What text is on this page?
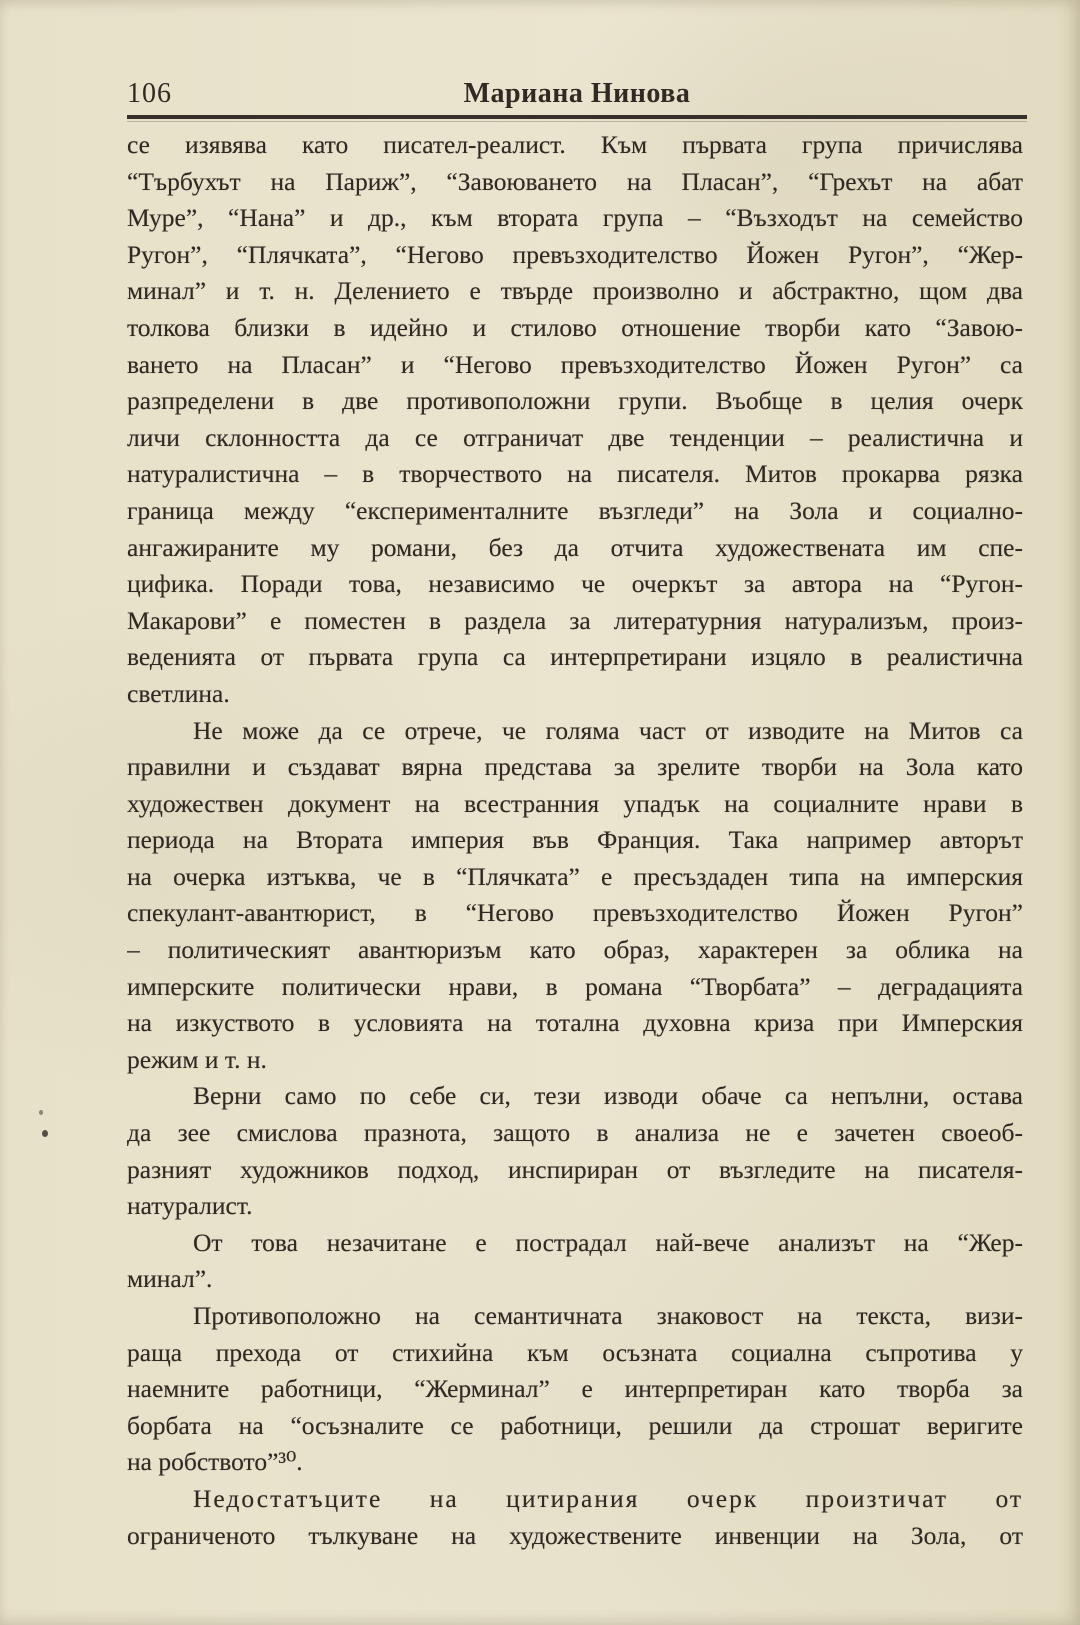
106	Мариана Нинова
се изявява като писател-реалист. Към първата група причислява
“Търбухът на Париж”, “Завоюването на Пласан”, “Грехът на абат
Муре”, “Нана” и др., към втората група – “Възходът на семейство
Ругон”, “Плячката”, “Негово превъзходителство Йожен Ругон”, “Жер-
минал” и т. н. Делението е твърде произволно и абстрактно, щом два
толкова близки в идейно и стилово отношение творби като “Завою-
ването на Пласан” и “Негово превъзходителство Йожен Ругон” са
разпределени в две противоположни групи. Въобще в целия очерк
личи склонността да се отграничат две тенденции – реалистична и
натуралистична – в творчеството на писателя. Митов прокарва рязка
граница между “експерименталните възгледи” на Зола и социално-
ангажираните му романи, без да отчита художествената им спе-
цифика. Поради това, независимо че очеркът за автора на “Ругон-
Макарови” е поместен в раздела за литературния натурализъм, произ-
веденията от първата група са интерпретирани изцяло в реалистична
светлина.
Не може да се отрече, че голяма част от изводите на Митов са
правилни и създават вярна представа за зрелите творби на Зола като
художествен документ на всестранния упадък на социалните нрави в
периода на Втората империя във Франция. Така например авторът
на очерка изтъква, че в “Плячката” е пресъздаден типа на имперския
спекулант-авантюрист, в “Негово превъзходителство Йожен Ругон”
– политическият авантюризъм като образ, характерен за облика на
имперските политически нрави, в романа “Творбата” – деградацията
на изкуството в условията на тотална духовна криза при Имперския
режим и т. н.
Верни само по себе си, тези изводи обаче са непълни, остава
да зее смислова празнота, защото в анализа не е зачетен своеоб-
разният художников подход, инспириран от възгледите на писателя-
натуралист.
От това незачитане е пострадал най-вече анализът на “Жер-
минал”.
Противоположно на семантичната знаковост на текста, визи-
раща прехода от стихийна към осъзната социална съпротива у
наемните работници, “Жерминал” е интерпретиран като творба за
борбата на “осъзналите се работници, решили да строшат веригите
на робството”³⁰.
Недостатъците на цитирания очерк произтичат от
ограниченото тълкуване на художествените инвенции на Зола, от
